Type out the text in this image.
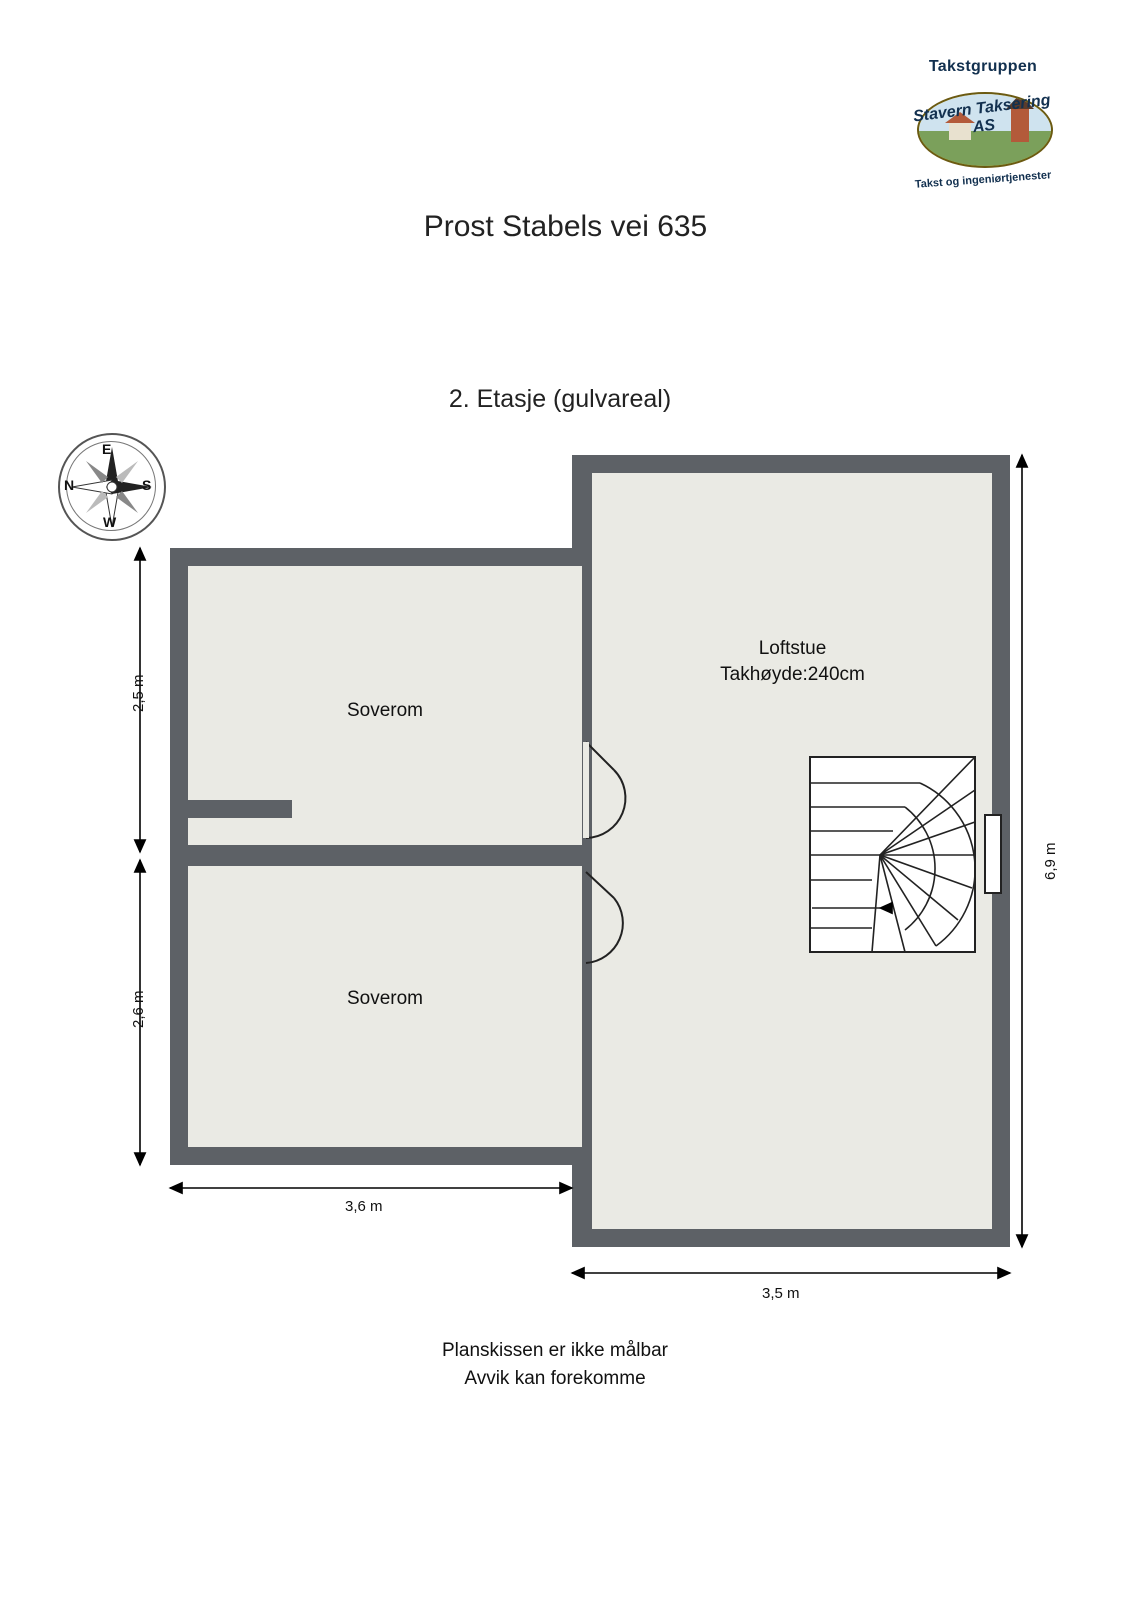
Takstgruppen
Stavern Taksering AS
Takst og ingeniørtjenester
Prost Stabels vei 635
2. Etasje (gulvareal)
N
E
S
W
2,5 m
2,6 m
6,9 m
3,6 m
3,5 m
Soverom
Soverom
Loftstue
Takhøyde:240cm
Planskissen er ikke målbar
Avvik kan forekomme
